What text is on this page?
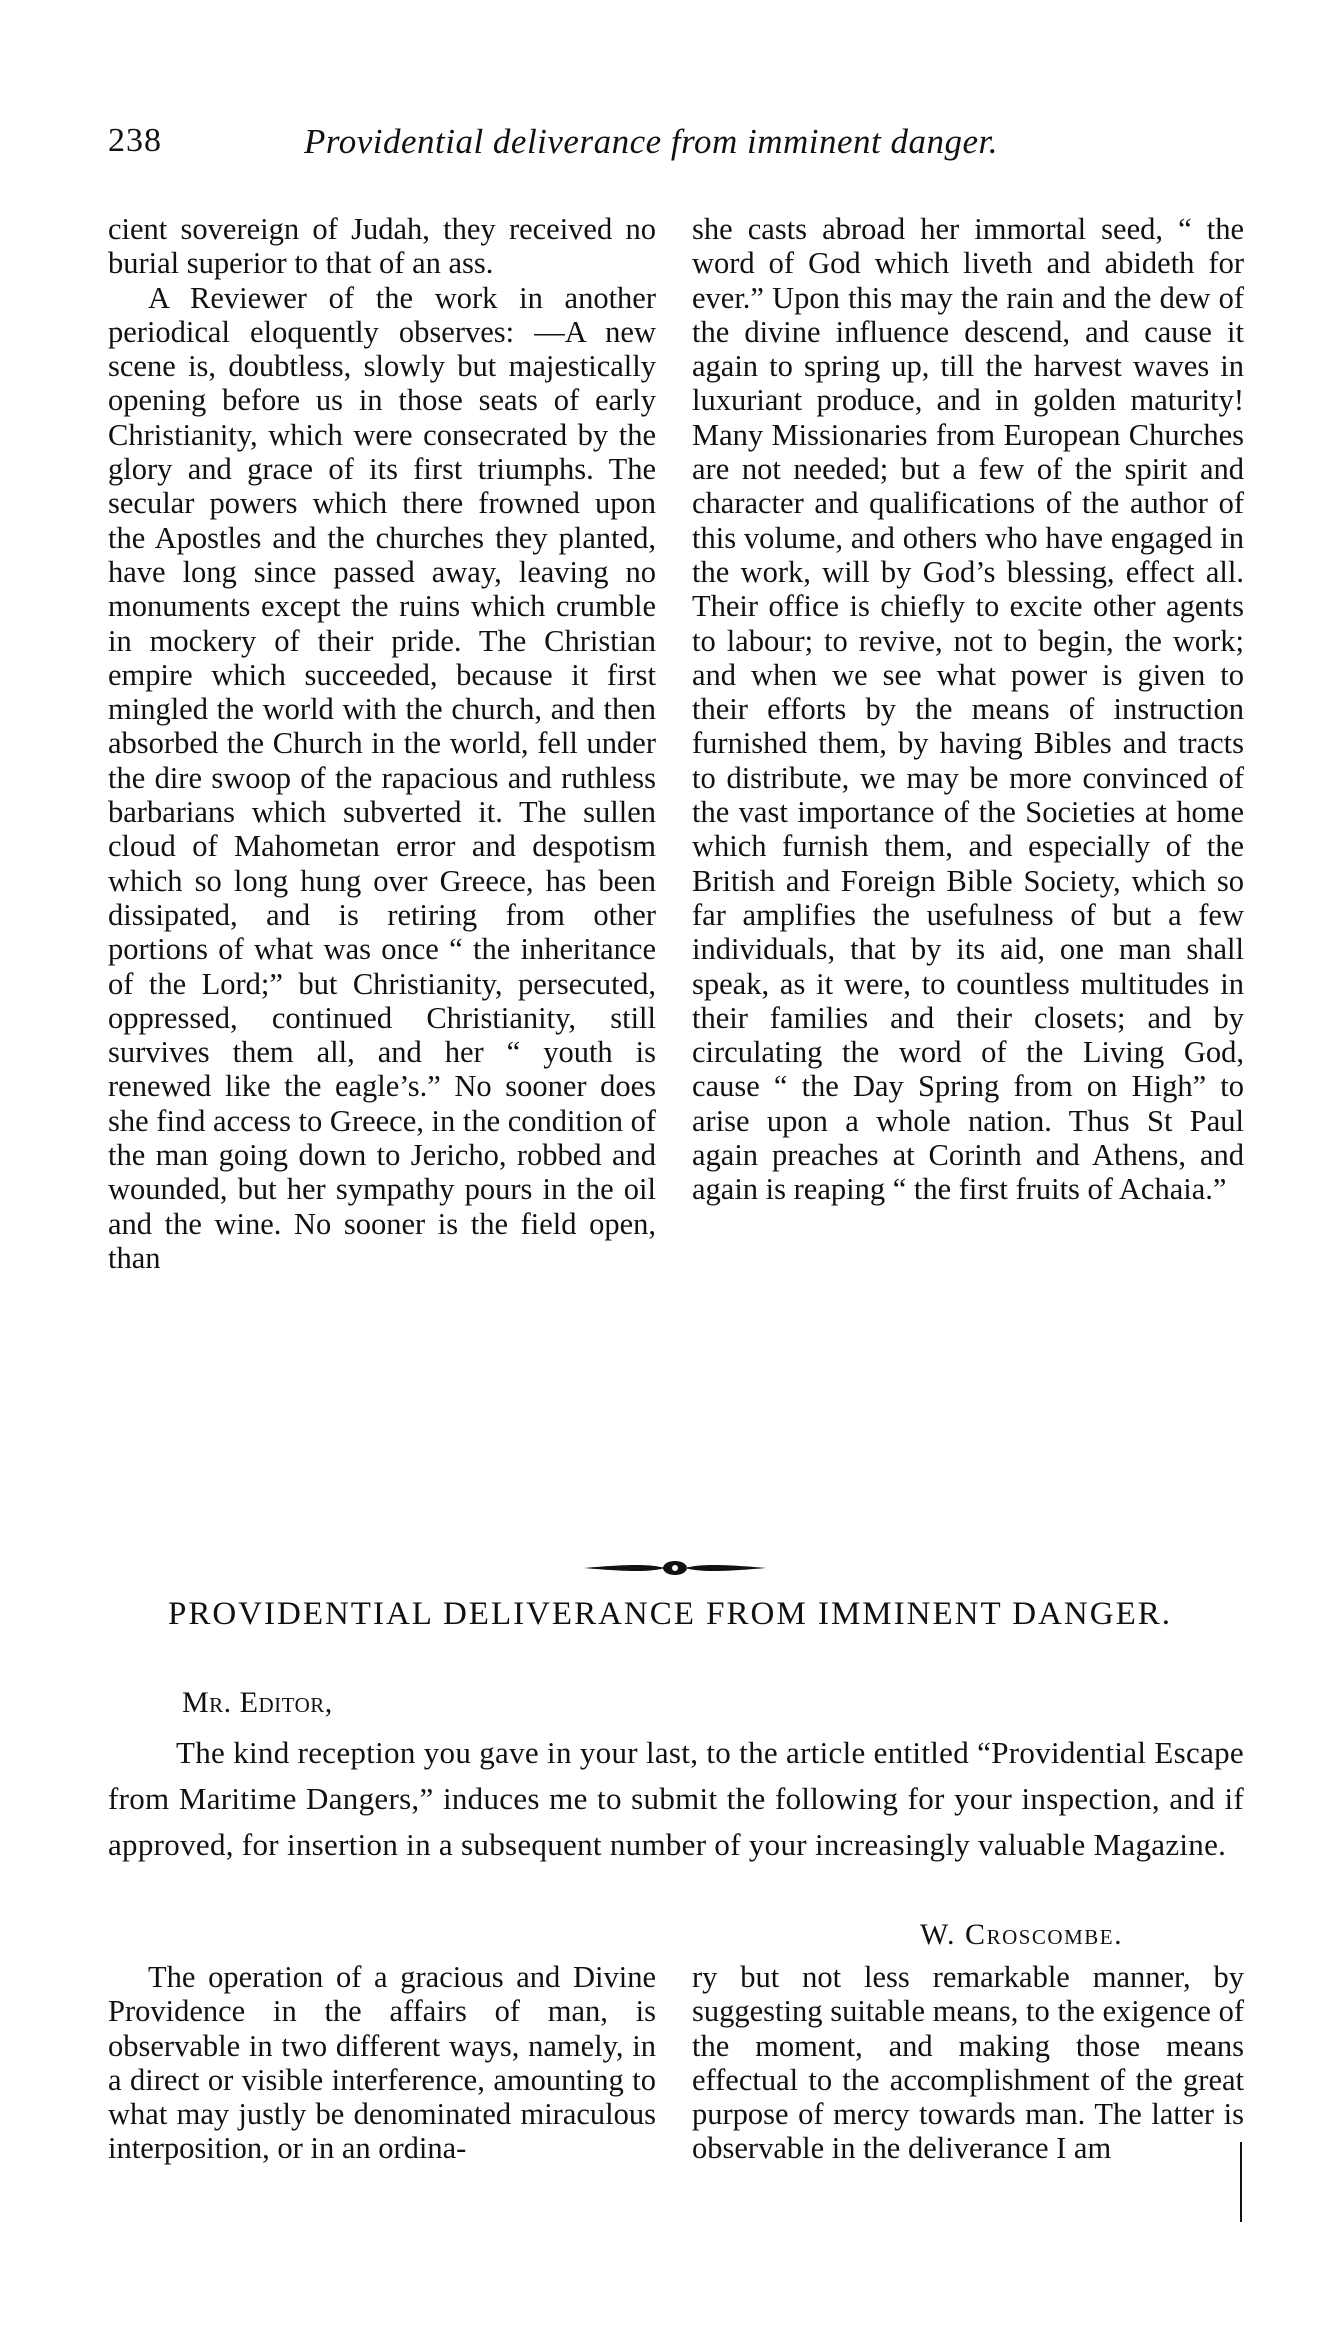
238	Providential deliverance from imminent danger.

cient sovereign of Judah, they received no burial superior to that of an ass.

A Reviewer of the work in another periodical eloquently observes: —A new scene is, doubtless, slowly but majestically opening before us in those seats of early Christianity, which were consecrated by the glory and grace of its first triumphs. The secular powers which there frowned upon the Apostles and the churches they planted, have long since passed away, leaving no monuments except the ruins which crumble in mockery of their pride. The Christian empire which succeeded, because it first mingled the world with the church, and then absorbed the Church in the world, fell under the dire swoop of the rapacious and ruthless barbarians which subverted it. The sullen cloud of Mahometan error and despotism which so long hung over Greece, has been dissipated, and is retiring from other portions of what was once “ the inheritance of the Lord;” but Christianity, persecuted, oppressed, continued Christianity, still survives them all, and her “ youth is renewed like the eagle’s.” No sooner does she find access to Greece, in the condition of the man going down to Jericho, robbed and wounded, but her sympathy pours in the oil and the wine. No sooner is the field open, than

she casts abroad her immortal seed, “ the word of God which liveth and abideth for ever.” Upon this may the rain and the dew of the divine influence descend, and cause it again to spring up, till the harvest waves in luxuriant produce, and in golden maturity! Many Missionaries from European Churches are not needed; but a few of the spirit and character and qualifications of the author of this volume, and others who have engaged in the work, will by God’s blessing, effect all. Their office is chiefly to excite other agents to labour; to revive, not to begin, the work; and when we see what power is given to their efforts by the means of instruction furnished them, by having Bibles and tracts to distribute, we may be more convinced of the vast importance of the Societies at home which furnish them, and especially of the British and Foreign Bible Society, which so far amplifies the usefulness of but a few individuals, that by its aid, one man shall speak, as it were, to countless multitudes in their families and their closets; and by circulating the word of the Living God, cause “ the Day Spring from on High” to arise upon a whole nation. Thus St Paul again preaches at Corinth and Athens, and again is reaping “ the first fruits of Achaia.”

PROVIDENTIAL DELIVERANCE FROM IMMINENT DANGER.
Mr. Editor,
The kind reception you gave in your last, to the article entitled “Providential Escape from Maritime Dangers,” induces me to submit the following for your inspection, and if approved, for insertion in a subsequent number of your increasingly valuable Magazine.
W. Croscombe.

The operation of a gracious and Divine Providence in the affairs of man, is observable in two different ways, namely, in a direct or visible interference, amounting to what may justly be denominated miraculous interposition, or in an ordina-

ry but not less remarkable manner, by suggesting suitable means, to the exigence of the moment, and making those means effectual to the accomplishment of the great purpose of mercy towards man. The latter is observable in the deliverance I am
